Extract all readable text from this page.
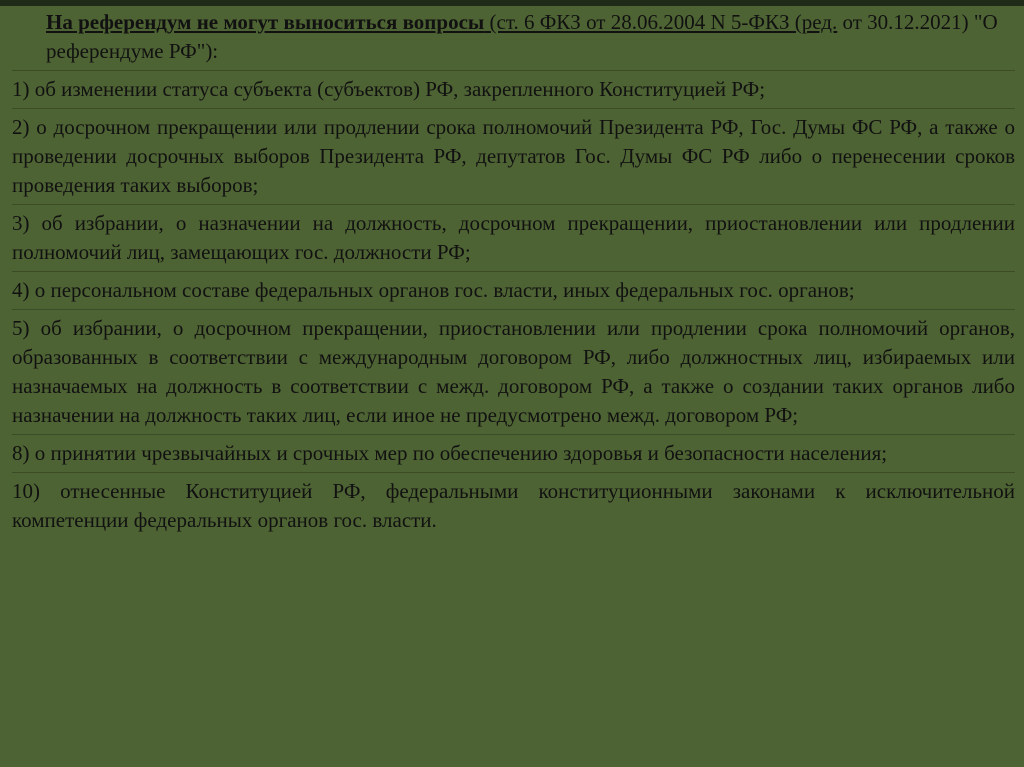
На референдум не могут выноситься вопросы (ст. 6 ФКЗ от 28.06.2004 N 5-ФКЗ (ред. от 30.12.2021) "О референдуме РФ"):

1) об изменении статуса субъекта (субъектов) РФ, закрепленного Конституцией РФ;

2) о досрочном прекращении или продлении срока полномочий Президента РФ, Гос. Думы ФС РФ, а также о проведении досрочных выборов Президента РФ, депутатов Гос. Думы ФС РФ либо о перенесении сроков проведения таких выборов;

3) об избрании, о назначении на должность, досрочном прекращении, приостановлении или продлении полномочий лиц, замещающих гос. должности РФ;

4) о персональном составе федеральных органов гос. власти, иных федеральных гос. органов;

5) об избрании, о досрочном прекращении, приостановлении или продлении срока полномочий органов, образованных в соответствии с международным договором РФ, либо должностных лиц, избираемых или назначаемых на должность в соответствии с межд. договором РФ, а также о создании таких органов либо назначении на должность таких лиц, если иное не предусмотрено межд. договором РФ;

8) о принятии чрезвычайных и срочных мер по обеспечению здоровья и безопасности населения;

10) отнесенные Конституцией РФ, федеральными конституционными законами к исключительной компетенции федеральных органов гос. власти.
